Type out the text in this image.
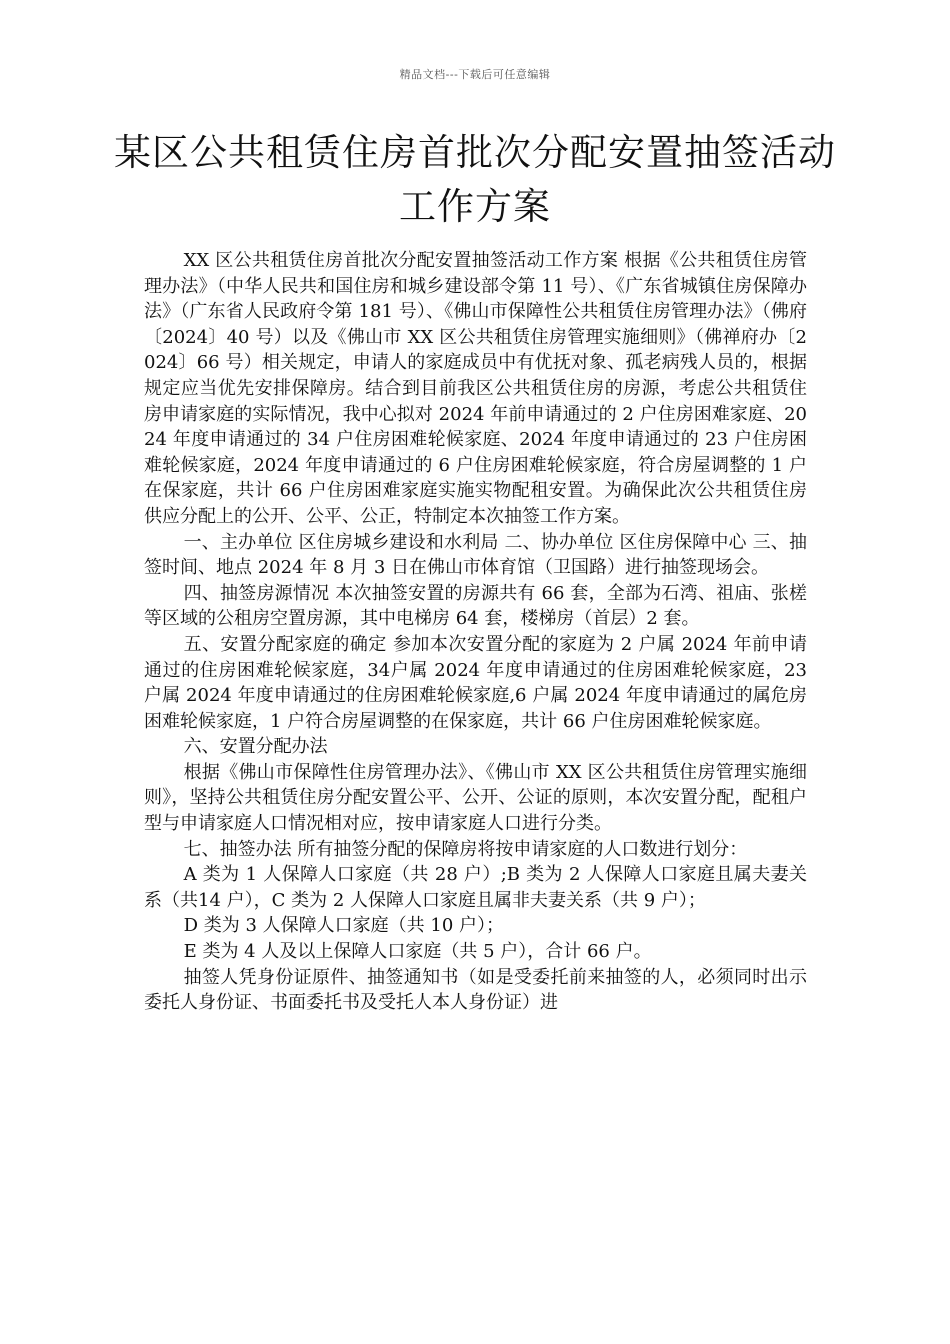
精品文档---下载后可任意编辑
某区公共租赁住房首批次分配安置抽签活动工作方案

XX 区公共租赁住房首批次分配安置抽签活动工作方案 根据《公共租赁住房管理办法》（中华人民共和国住房和城乡建设部令第 11 号）、《广东省城镇住房保障办法》（广东省人民政府令第 181 号）、《佛山市保障性公共租赁住房管理办法》（佛府〔2024〕40 号）以及《佛山市 XX 区公共租赁住房管理实施细则》（佛禅府办〔2024〕66 号）相关规定，申请人的家庭成员中有优抚对象、孤老病残人员的，根据规定应当优先安排保障房。结合到目前我区公共租赁住房的房源，考虑公共租赁住房申请家庭的实际情况，我中心拟对 2024 年前申请通过的 2 户住房困难家庭、2024 年度申请通过的 34 户住房困难轮候家庭、2024 年度申请通过的 23 户住房困难轮候家庭，2024 年度申请通过的 6 户住房困难轮候家庭，符合房屋调整的 1 户在保家庭，共计 66 户住房困难家庭实施实物配租安置。为确保此次公共租赁住房供应分配上的公开、公平、公正，特制定本次抽签工作方案。

一、主办单位 区住房城乡建设和水利局 二、协办单位 区住房保障中心 三、抽签时间、地点 2024 年 8 月 3 日在佛山市体育馆（卫国路）进行抽签现场会。

四、抽签房源情况 本次抽签安置的房源共有 66 套，全部为石湾、祖庙、张槎等区域的公租房空置房源，其中电梯房 64 套，楼梯房（首层）2 套。

五、安置分配家庭的确定 参加本次安置分配的家庭为 2 户属 2024 年前申请通过的住房困难轮候家庭，34户属 2024 年度申请通过的住房困难轮候家庭，23 户属 2024 年度申请通过的住房困难轮候家庭,6 户属 2024 年度申请通过的属危房困难轮候家庭，1 户符合房屋调整的在保家庭，共计 66 户住房困难轮候家庭。

六、安置分配办法

根据《佛山市保障性住房管理办法》、《佛山市 XX 区公共租赁住房管理实施细则》，坚持公共租赁住房分配安置公平、公开、公证的原则，本次安置分配，配租户型与申请家庭人口情况相对应，按申请家庭人口进行分类。

七、抽签办法 所有抽签分配的保障房将按申请家庭的人口数进行划分：

A 类为 1 人保障人口家庭（共 28 户）;B 类为 2 人保障人口家庭且属夫妻关系（共14 户），C 类为 2 人保障人口家庭且属非夫妻关系（共 9 户）；

D 类为 3 人保障人口家庭（共 10 户）；

E 类为 4 人及以上保障人口家庭（共 5 户），合计 66 户。

抽签人凭身份证原件、抽签通知书（如是受委托前来抽签的人，必须同时出示委托人身份证、书面委托书及受托人本人身份证）进
